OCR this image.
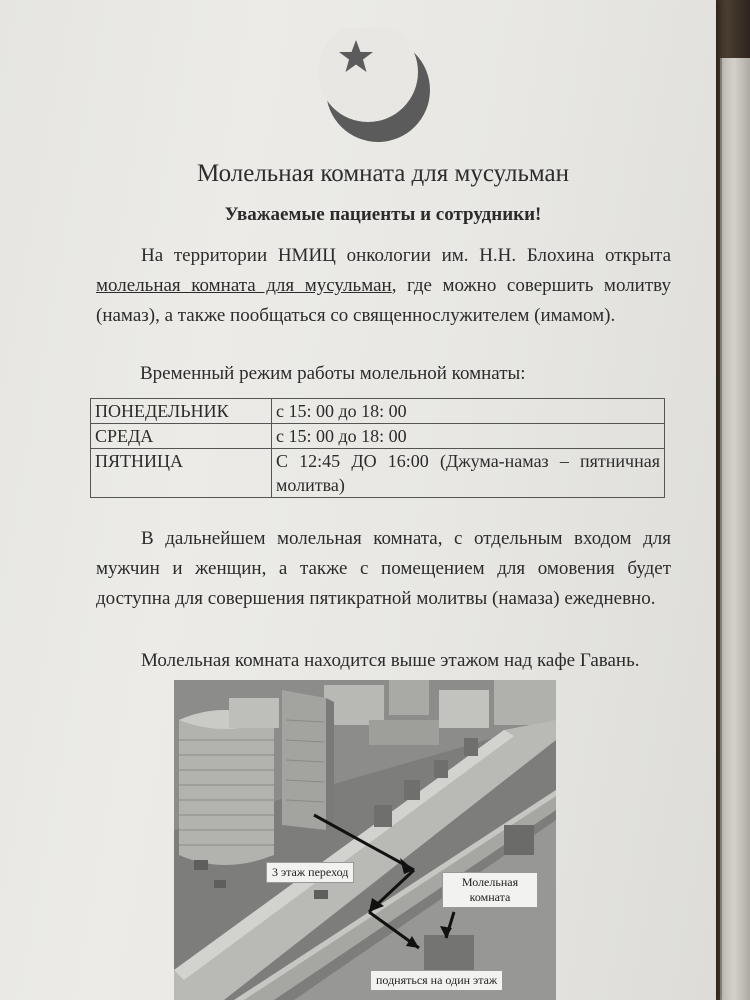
Молельная комната для мусульман
Уважаемые пациенты и сотрудники!
На территории НМИЦ онкологии им. Н.Н. Блохина открыта молельная комната для мусульман, где можно совершить молитву (намаз), а также пообщаться со священнослужителем (имамом).
Временный режим работы молельной комнаты:
ПОНЕДЕЛЬНИК	с 15: 00 до 18: 00
СРЕДА	с 15: 00 до 18: 00
ПЯТНИЦА	С 12:45 ДО 16:00 (Джума-намаз – пятничная молитва)
В дальнейшем молельная комната, с отдельным входом для мужчин и женщин, а также с помещением для омовения будет доступна для совершения пятикратной молитвы (намаза) ежедневно.
Молельная комната находится выше этажом над кафе Гавань.
3 этаж переход
Молельная комната
подняться на один этаж
